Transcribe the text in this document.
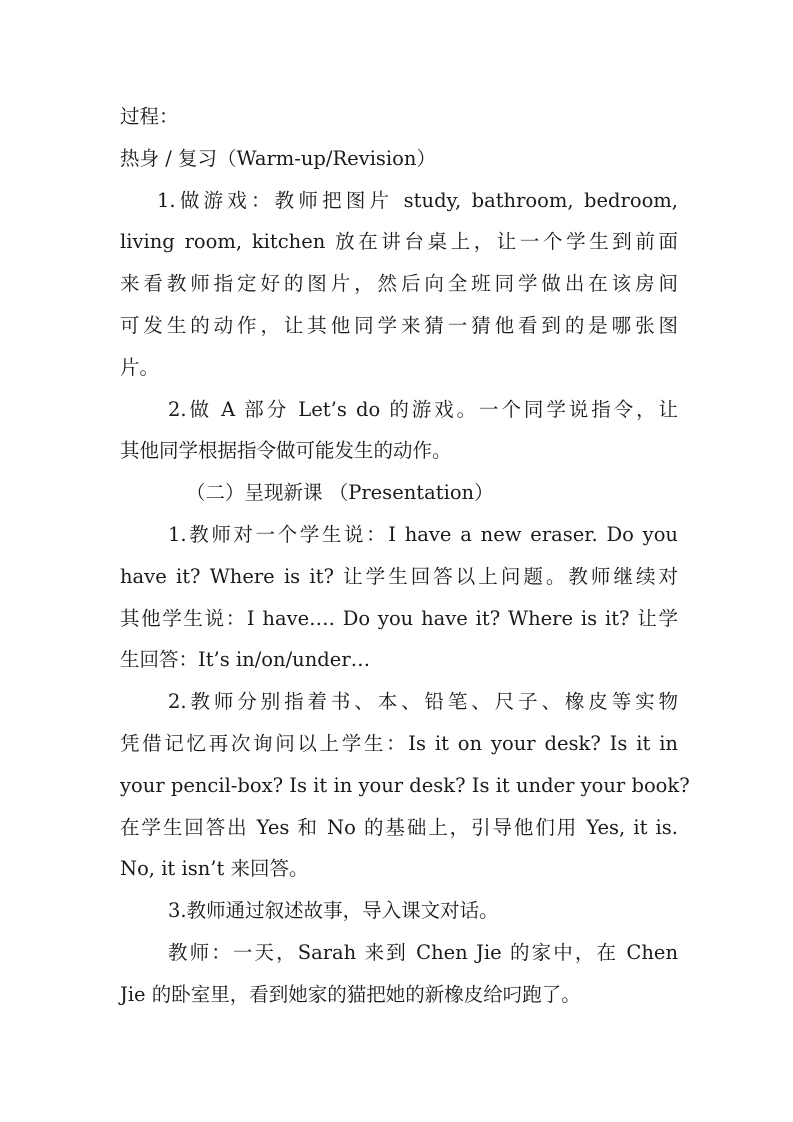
过程：
热身 / 复习（Warm-up/Revision）
1.做游戏：教师把图片 study, bathroom, bedroom,
living room, kitchen 放在讲台桌上，让一个学生到前面
来看教师指定好的图片，然后向全班同学做出在该房间
可发生的动作，让其他同学来猜一猜他看到的是哪张图
片。
2.做 A 部分 Let’s do 的游戏。一个同学说指令，让
其他同学根据指令做可能发生的动作。
（二）呈现新课 （Presentation）
1.教师对一个学生说：I have a new eraser. Do you
have it? Where is it? 让学生回答以上问题。教师继续对
其他学生说：I have…. Do you have it? Where is it? 让学
生回答：It’s in/on/under…
2.教师分别指着书、本、铅笔、尺子、橡皮等实物
凭借记忆再次询问以上学生：Is it on your desk? Is it in
your pencil-box? Is it in your desk? Is it under your book?
在学生回答出 Yes 和 No 的基础上，引导他们用 Yes, it is.
No, it isn’t 来回答。
3.教师通过叙述故事，导入课文对话。
教师：一天，Sarah 来到 Chen Jie 的家中，在 Chen
Jie 的卧室里，看到她家的猫把她的新橡皮给叼跑了。
